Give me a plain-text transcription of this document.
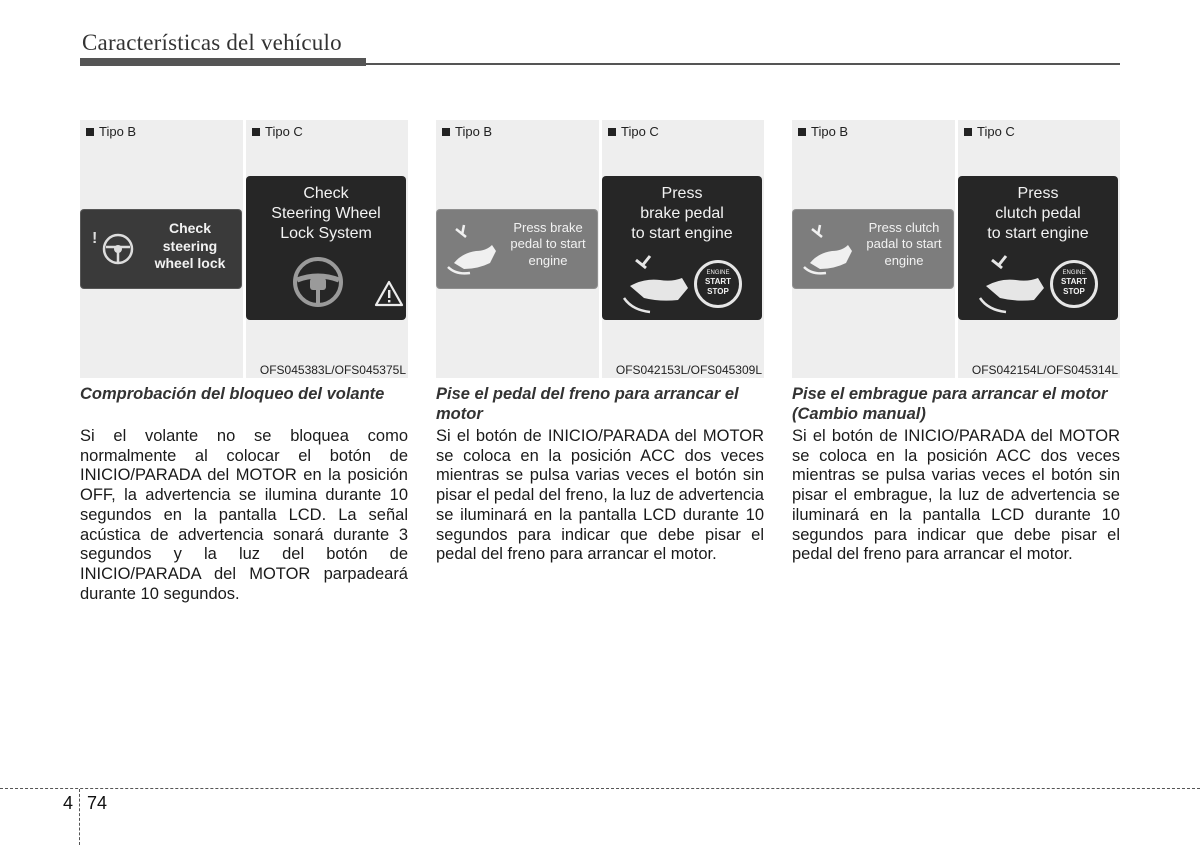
Características del vehículo
Tipo B	Tipo C
!
Check
steering
wheel lock
Check
Steering Wheel
Lock System
OFS045383L/OFS045375L
Comprobación del bloqueo del volante
Si el volante no se bloquea como normalmente al colocar el botón de INICIO/PARADA del MOTOR en la posición OFF, la advertencia se ilumina durante 10 segundos en la pantalla LCD. La señal acústica de advertencia sonará durante 3 segundos y la luz del botón de INICIO/PARADA del MOTOR parpadeará durante 10 segundos.
Tipo B	Tipo C
Press brake
pedal to start
engine
Press
brake pedal
to start engine
ENGINE
START
STOP
OFS042153L/OFS045309L
Pise el pedal del freno para arrancar el motor
Si el botón de INICIO/PARADA del MOTOR se coloca en la posición ACC dos veces mientras se pulsa varias veces el botón sin pisar el pedal del freno, la luz de advertencia se iluminará en la pantalla LCD durante 10 segundos para indicar que debe pisar el pedal del freno para arrancar el motor.
Tipo B	Tipo C
Press clutch
padal to start
engine
Press
clutch pedal
to start engine
ENGINE
START
STOP
OFS042154L/OFS045314L
Pise el embrague para arrancar el motor (Cambio manual)
Si el botón de INICIO/PARADA del MOTOR se coloca en la posición ACC dos veces mientras se pulsa varias veces el botón sin pisar el embrague, la luz de advertencia se iluminará en la pantalla LCD durante 10 segundos para indicar que debe pisar el pedal del freno para arrancar el motor.
4 74
